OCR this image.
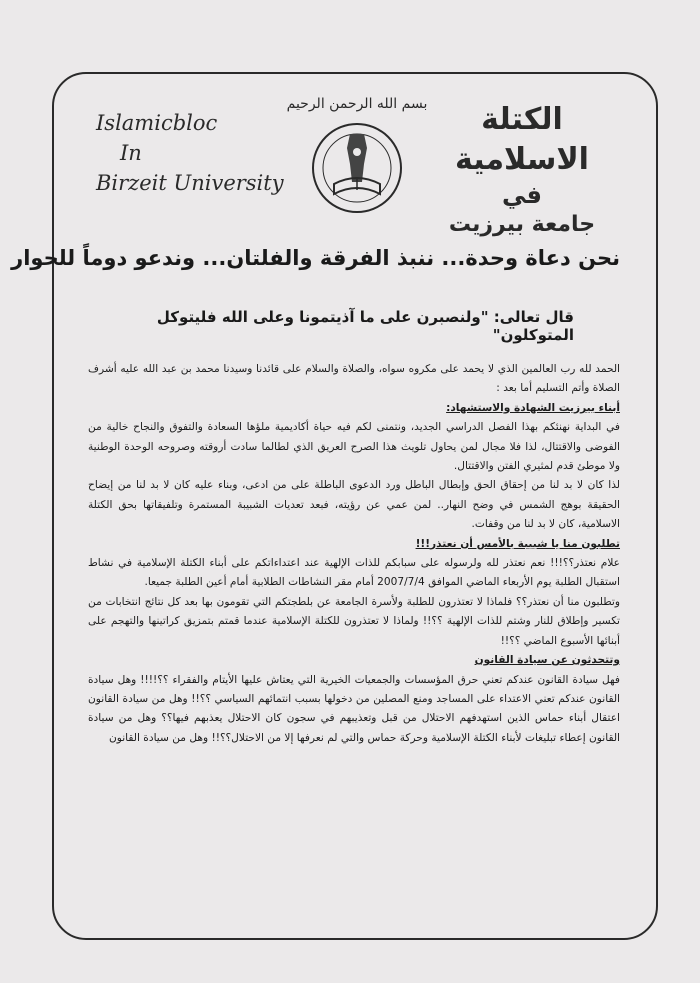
Islamicbloc
In
Birzeit University
بسم الله الرحمن الرحيم	الكتلة الاسلامية
في
جامعة بيرزيت
نحن دعاة وحدة... ننبذ الفرقة والفلتان... وندعو دوماً للحوار
قال تعالى: "ولنصبرن على ما آذيتمونا وعلى الله فليتوكل المتوكلون"

الحمد لله رب العالمين الذي لا يحمد على مكروه سواه، والصلاة والسلام على قائدنا وسيدنا محمد بن عبد الله عليه أشرف الصلاة وأتم التسليم أما بعد :

أبناء بيرزيت الشهادة والاستشهاد:

في البداية نهنئكم بهذا الفصل الدراسي الجديد، ونتمنى لكم فيه حياة أكاديمية ملؤها السعادة والتفوق والنجاح خالية من الفوضى والاقتتال، لذا فلا مجال لمن يحاول تلويث هذا الصرح العريق الذي لطالما سادت أروقته وصروحه الوحدة الوطنية ولا موطئ قدم لمثيري الفتن والاقتتال.

لذا كان لا بد لنا من إحقاق الحق وإبطال الباطل ورد الدعوى الباطلة على من ادعى، وبناء عليه كان لا بد لنا من إيضاح الحقيقة بوهج الشمس في وضح النهار.. لمن عمي عن رؤيته، فبعد تعديات الشبيبة المستمرة وتلفيقاتها بحق الكتلة الاسلامية، كان لا بد لنا من وقفات.

تطلبون منا يا شبيبة بالأمس أن نعتذر!!!

علام نعتذر؟؟!!! نعم نعتذر لله ولرسوله على سبابكم للذات الإلهية عند اعتداءاتكم على أبناء الكتلة الإسلامية في نشاط استقبال الطلبة يوم الأربعاء الماضي الموافق 2007/7/4 أمام مقر النشاطات الطلابية أمام أعين الطلبة جميعا.

وتطلبون منا أن نعتذر؟؟ فلماذا لا تعتذرون للطلبة ولأسرة الجامعة عن بلطجتكم التي تقومون بها بعد كل نتائج انتخابات من تكسير وإطلاق للنار وشتم للذات الإلهية ؟؟!! ولماذا لا تعتذرون للكتلة الإسلامية عندما قمتم بتمزيق كراتينها والتهجم على أبنائها الأسبوع الماضي ؟؟!!

وتتحدثون عن سيادة القانون

فهل سيادة القانون عندكم تعني حرق المؤسسات والجمعيات الخيرية التي يعتاش عليها الأيتام والفقراء ؟؟!!!! وهل سيادة القانون عندكم تعني الاعتداء على المساجد ومنع المصلين من دخولها بسبب انتمائهم السياسي ؟؟!! وهل من سيادة القانون اعتقال أبناء حماس الذين استهدفهم الاحتلال من قبل وتعذيبهم في سجون كان الاحتلال يعذبهم فيها؟؟ وهل من سيادة القانون إعطاء تبليغات لأبناء الكتلة الإسلامية وحركة حماس والتي لم نعرفها إلا من الاحتلال؟؟!! وهل من سيادة القانون
